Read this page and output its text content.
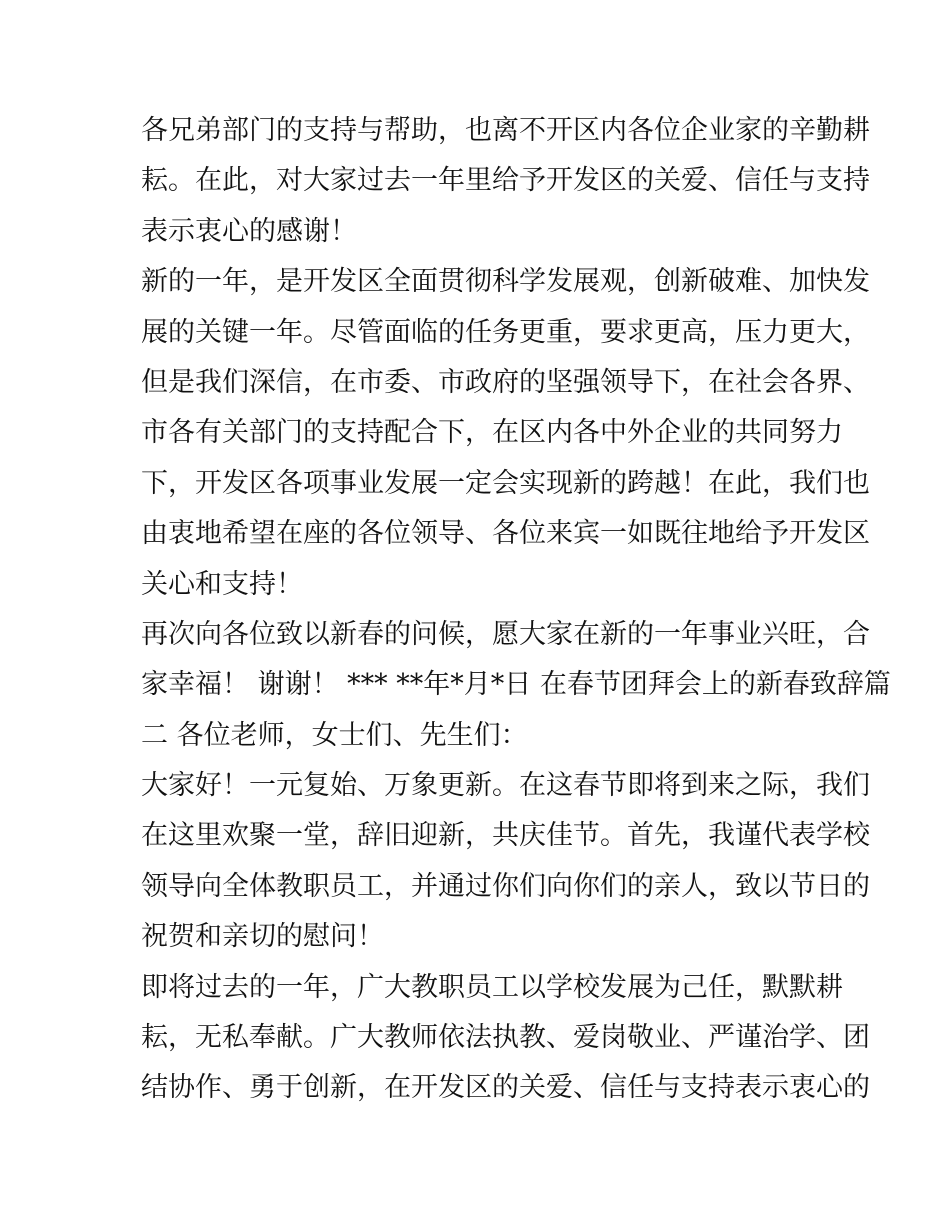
各兄弟部门的支持与帮助，也离不开区内各位企业家的辛勤耕
耘。在此，对大家过去一年里给予开发区的关爱、信任与支持
表示衷心的感谢！
新的一年，是开发区全面贯彻科学发展观，创新破难、加快发
展的关键一年。尽管面临的任务更重，要求更高，压力更大，
但是我们深信，在市委、市政府的坚强领导下，在社会各界、
市各有关部门的支持配合下，在区内各中外企业的共同努力
下，开发区各项事业发展一定会实现新的跨越！在此，我们也
由衷地希望在座的各位领导、各位来宾一如既往地给予开发区
关心和支持！
再次向各位致以新春的问候，愿大家在新的一年事业兴旺，合
家幸福！ 谢谢！ *** **年*月*日 在春节团拜会上的新春致辞篇
二 各位老师，女士们、先生们：
大家好！一元复始、万象更新。在这春节即将到来之际，我们
在这里欢聚一堂，辞旧迎新，共庆佳节。首先，我谨代表学校
领导向全体教职员工，并通过你们向你们的亲人，致以节日的
祝贺和亲切的慰问！
即将过去的一年，广大教职员工以学校发展为己任，默默耕
耘，无私奉献。广大教师依法执教、爱岗敬业、严谨治学、团
结协作、勇于创新，在开发区的关爱、信任与支持表示衷心的
